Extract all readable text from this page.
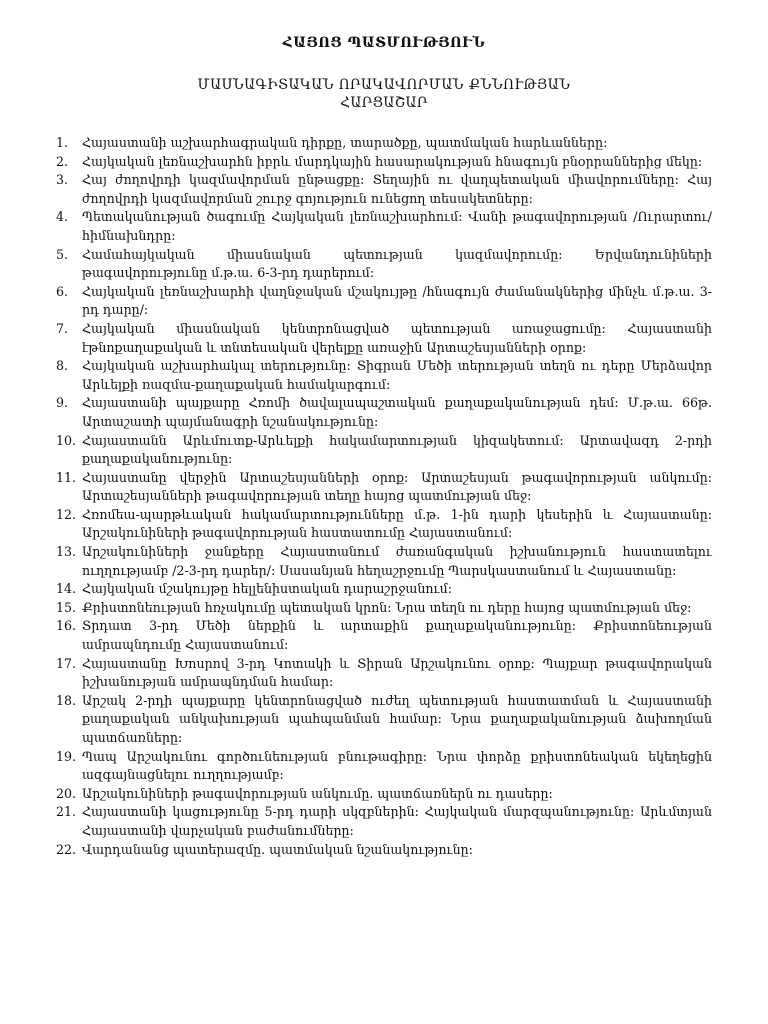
ՀԱՅՈՑ ՊԱՏՄՈՒԹՅՈՒՆ
ՄԱՍՆԱԳԻՏԱԿԱՆ ՈՐԱԿԱՎՈՐՄԱՆ ՔՆՆՈՒԹՅԱՆ
ՀԱՐՑԱՇԱՐ
1.	Հայաստանի աշխարհագրական դիրքը, տարածքը, պատմական հարևանները:
2.	Հայկական լեռնաշխարհն իբրև մարդկային հասարակության հնագույն բնօրրաններից մեկը:
3.	Հայ ժողովրդի կազմավորման ընթացքը: Տեղային ու վաղպետական միավորումները: Հայ ժողովրդի կազմավորման շուրջ գոյություն ունեցող տեսակետները:
4.	Պետականության ծագումը Հայկական լեռնաշխարհում: Վանի թագավորության /Ուրարտու/ հիմնախնդրը:
5.	Համահայկական միասնական պետության կազմավորումը: Երվանդունիների թագավորությունը մ.թ.ա. 6-3-րդ դարերում:
6.	Հայկական լեռնաշխարհի վաղնջական մշակույթը /հնագույն ժամանակներից մինչև մ.թ.ա. 3-րդ դարը/:
7.	Հայկական միասնական կենտրոնացված պետության առաջացումը: Հայաստանի էթնոքաղաքական և տնտեսական վերելքը առաջին Արտաշեսյանների օրոք:
8.	Հայկական աշխարհակալ տերությունը: Տիգրան Մեծի տերության տեղն ու դերը Մերձավոր Արևելքի ռազմա-քաղաքական համակարգում:
9.	Հայաստանի պայքարը Հռոմի ծավալապաշտական քաղաքականության դեմ: Մ.թ.ա. 66թ. Արտաշատի պայմանագրի նշանակությունը:
10. Հայաստանն Արևմուտք-Արևելքի հակամարտության կիզակետում: Արտավազդ 2-րդի քաղաքականությունը:
11. Հայաստանը վերջին Արտաշեսյանների օրոք: Արտաշեսյան թագավորության անկումը: Արտաշեսյանների թագավորության տեղը հայոց պատմության մեջ:
12. Հռոմեա-պարթևական հակամարտությունները մ.թ. 1-ին դարի կեսերին և Հայաստանը: Արշակունիների թագավորության հաստատումը Հայաստանում:
13. Արշակունիների ջանքերը Հայաստանում ժառանգական իշխանություն հաստատելու ուղղությամբ /2-3-րդ դարեր/: Սասանյան հեղաշրջումը Պարսկաստանում և Հայաստանը:
14. Հայկական մշակույթը հելլենիստական դարաշրջանում:
15. Քրիստոնեության հռչակումը պետական կրոն: Նրա տեղն ու դերը հայոց պատմության մեջ:
16. Տրդատ 3-րդ Մեծի ներքին և արտաքին քաղաքականությունը: Քրիստոնեության ամրապնդումը Հայաստանում:
17. Հայաստանը Խոսրով 3-րդ Կոտակի և Տիրան Արշակունու օրոք: Պայքար թագավորական իշխանության ամրապնդման համար:
18. Արշակ 2-րդի պայքարը կենտրոնացված ուժեղ պետության հաստատման և Հայաստանի քաղաքական անկախության պահպանման համար: Նրա քաղաքականության ձախողման պատճառները:
19. Պապ Արշակունու գործունեության բնութագիրը: Նրա փորձը քրիստոնեական եկեղեցին ազգայնացնելու ուղղությամբ:
20. Արշակունիների թագավորության անկումը. պատճառներն ու դասերը:
21. Հայաստանի կացությունը 5-րդ դարի սկզբներին: Հայկական մարզպանությունը: Արևմտյան Հայաստանի վարչական բաժանումները:
22. Վարդանանց պատերազմը. պատմական նշանակությունը:
